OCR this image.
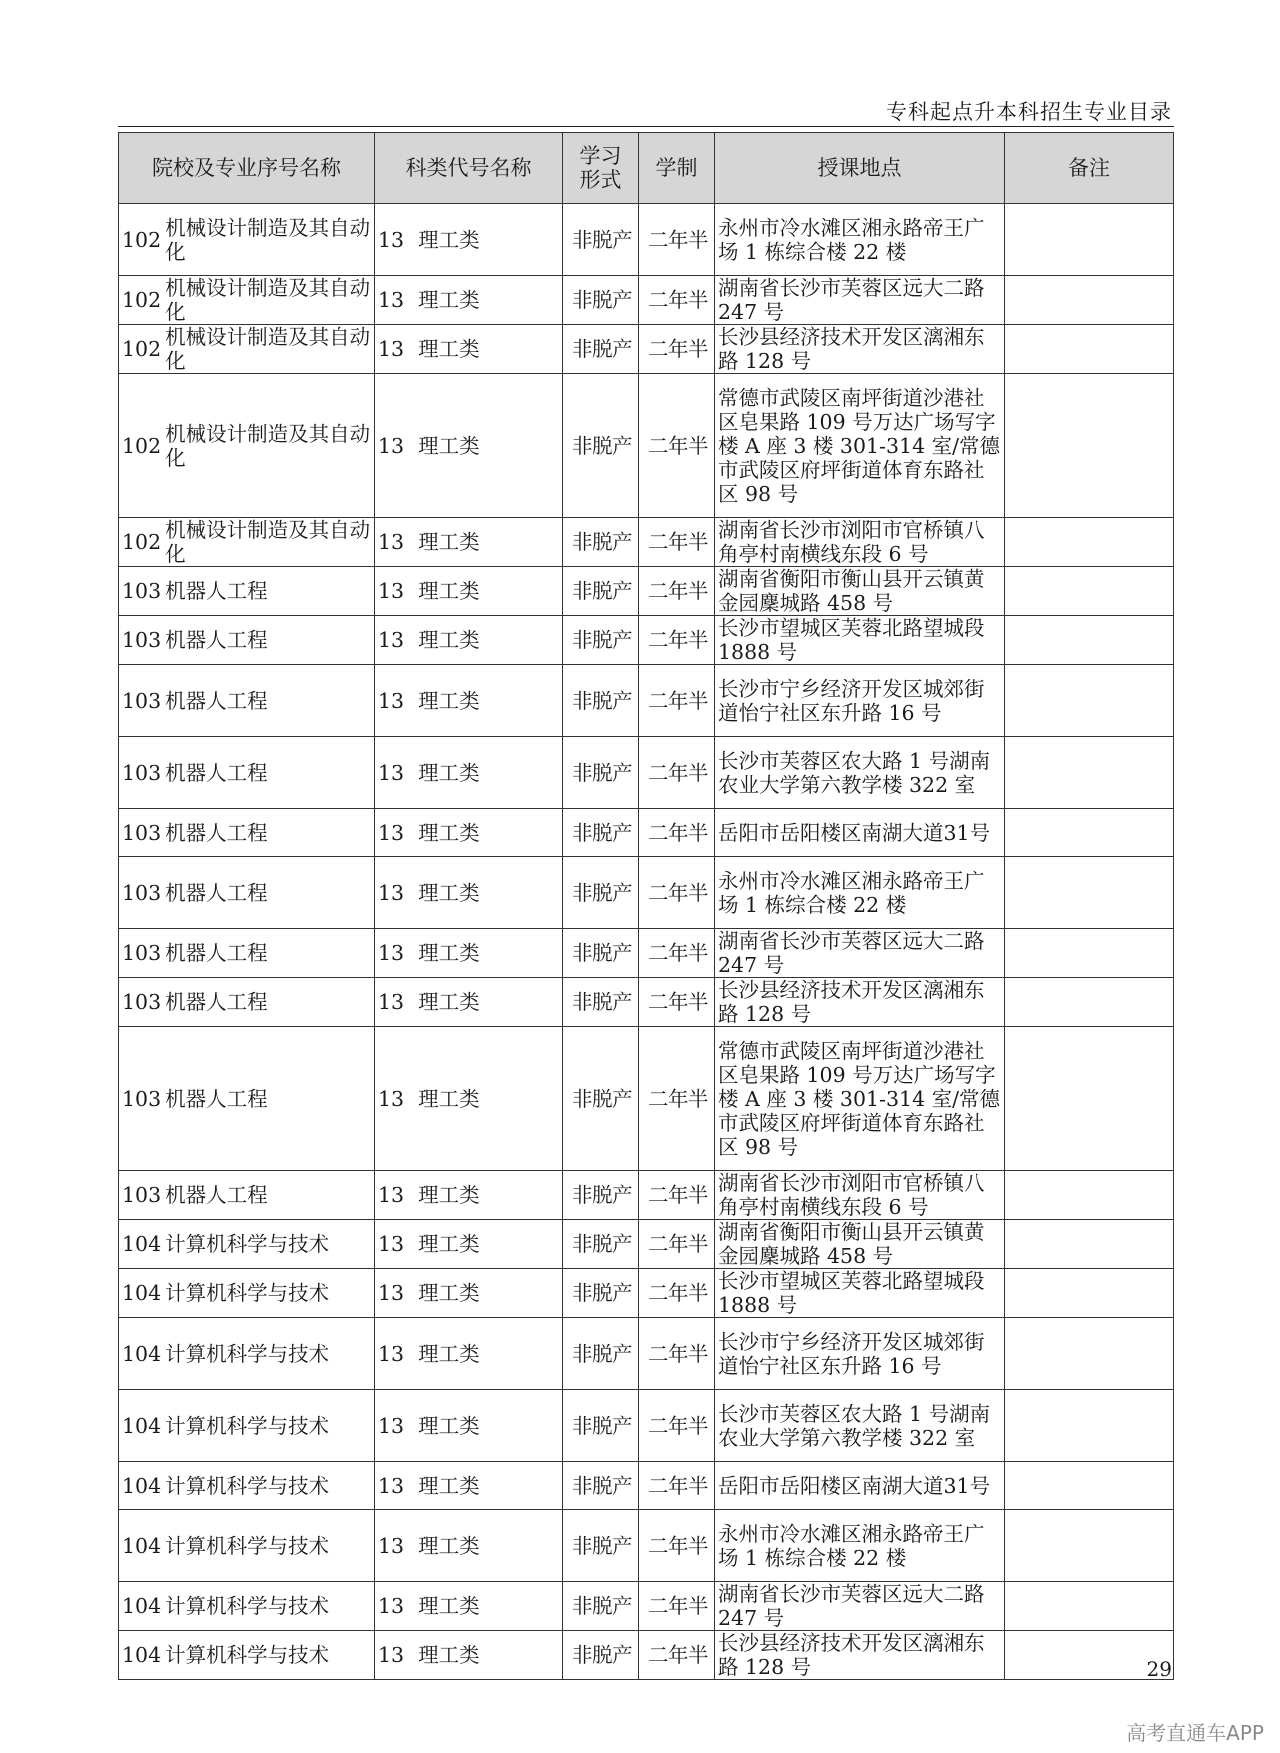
专科起点升本科招生专业目录
院校及专业序号名称	科类代号名称	学习
形式	学制	授课地点	备注

102 机械设计制造及其自动化	13 理工类	非脱产	二年半	永州市冷水滩区湘永路帝王广场 1 栋综合楼 22 楼	

102 机械设计制造及其自动化	13 理工类	非脱产	二年半	湖南省长沙市芙蓉区远大二路 247 号	

102 机械设计制造及其自动化	13 理工类	非脱产	二年半	长沙县经济技术开发区漓湘东路 128 号	

102 机械设计制造及其自动化	13 理工类	非脱产	二年半	常德市武陵区南坪街道沙港社区皂果路 109 号万达广场写字楼 A 座 3 楼 301-314 室/常德市武陵区府坪街道体育东路社区 98 号	

102 机械设计制造及其自动化	13 理工类	非脱产	二年半	湖南省长沙市浏阳市官桥镇八角亭村南横线东段 6 号	

103 机器人工程	13 理工类	非脱产	二年半	湖南省衡阳市衡山县开云镇黄金园麇城路 458 号	

103 机器人工程	13 理工类	非脱产	二年半	长沙市望城区芙蓉北路望城段 1888 号	

103 机器人工程	13 理工类	非脱产	二年半	长沙市宁乡经济开发区城郊街道怡宁社区东升路 16 号	

103 机器人工程	13 理工类	非脱产	二年半	长沙市芙蓉区农大路 1 号湖南农业大学第六教学楼 322 室	

103 机器人工程	13 理工类	非脱产	二年半	岳阳市岳阳楼区南湖大道31号	

103 机器人工程	13 理工类	非脱产	二年半	永州市冷水滩区湘永路帝王广场 1 栋综合楼 22 楼	

103 机器人工程	13 理工类	非脱产	二年半	湖南省长沙市芙蓉区远大二路 247 号	

103 机器人工程	13 理工类	非脱产	二年半	长沙县经济技术开发区漓湘东路 128 号	

103 机器人工程	13 理工类	非脱产	二年半	常德市武陵区南坪街道沙港社区皂果路 109 号万达广场写字楼 A 座 3 楼 301-314 室/常德市武陵区府坪街道体育东路社区 98 号	

103 机器人工程	13 理工类	非脱产	二年半	湖南省长沙市浏阳市官桥镇八角亭村南横线东段 6 号	

104 计算机科学与技术	13 理工类	非脱产	二年半	湖南省衡阳市衡山县开云镇黄金园麇城路 458 号	

104 计算机科学与技术	13 理工类	非脱产	二年半	长沙市望城区芙蓉北路望城段 1888 号	

104 计算机科学与技术	13 理工类	非脱产	二年半	长沙市宁乡经济开发区城郊街道怡宁社区东升路 16 号	

104 计算机科学与技术	13 理工类	非脱产	二年半	长沙市芙蓉区农大路 1 号湖南农业大学第六教学楼 322 室	

104 计算机科学与技术	13 理工类	非脱产	二年半	岳阳市岳阳楼区南湖大道31号	

104 计算机科学与技术	13 理工类	非脱产	二年半	永州市冷水滩区湘永路帝王广场 1 栋综合楼 22 楼	

104 计算机科学与技术	13 理工类	非脱产	二年半	湖南省长沙市芙蓉区远大二路 247 号	

104 计算机科学与技术	13 理工类	非脱产	二年半	长沙县经济技术开发区漓湘东路 128 号		29
高考直通车APP
